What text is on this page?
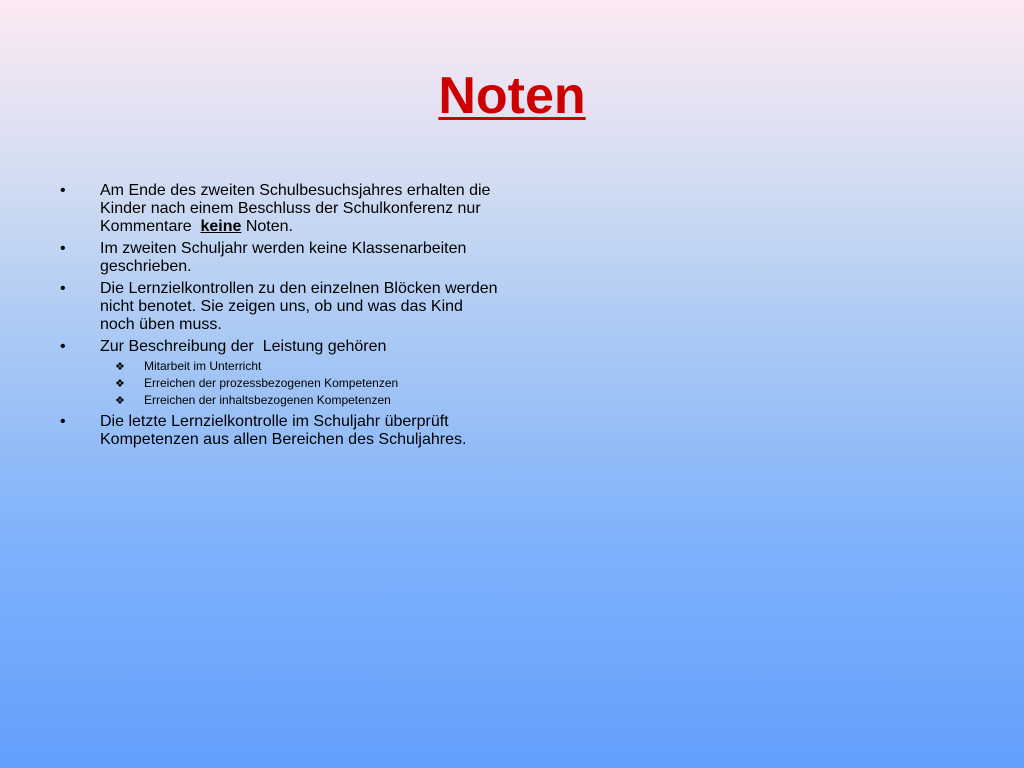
Noten
•	Am Ende des zweiten Schulbesuchsjahres erhalten die Kinder nach einem Beschluss der Schulkonferenz nur   Kommentare  keine Noten.
•	Im zweiten Schuljahr werden keine Klassenarbeiten geschrieben.
•	Die Lernzielkontrollen zu den einzelnen Blöcken werden nicht benotet. Sie zeigen uns, ob und was das Kind noch üben muss.
•	Zur Beschreibung der  Leistung gehören
❖	Mitarbeit im Unterricht
❖	Erreichen der prozessbezogenen Kompetenzen
❖	Erreichen der inhaltsbezogenen Kompetenzen
•	Die letzte Lernzielkontrolle im Schuljahr überprüft Kompetenzen aus allen Bereichen des Schuljahres.
